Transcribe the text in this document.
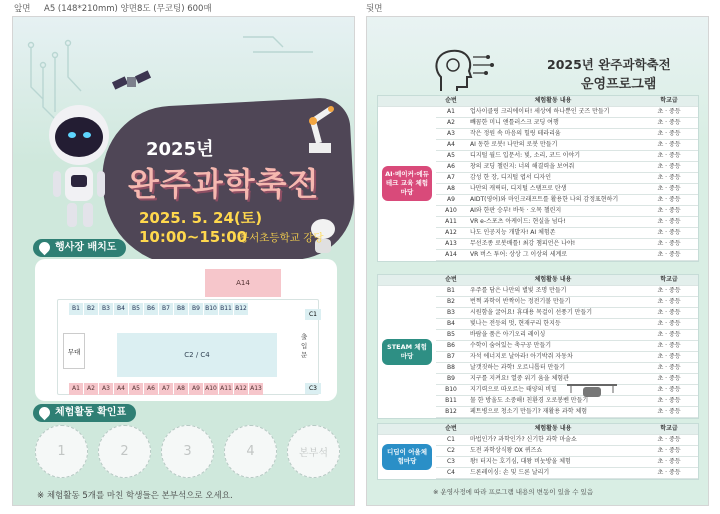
앞면 A5 (148*210mm) 양면8도 (무코팅) 600매	뒷면
2025년
완주과학축전
2025. 5. 24(토) 10:00~15:00
봉서초등학교 강당
행사장 배치도
A14
B1	B2	B3	B4	B5	B6	B7	B8	B9 B10 B11 B12
C1
무대	C2 / C4
출입문
C3
A1	A2	A3	A4	A5	A6	A7	A8	A9 A10 A11 A12 A13
체험활동 확인표
1	2	3	4	본부석
※ 체험활동 5개를 마친 학생들은 본부석으로 오세요.
2025년 완주과학축전
운영프로그램
	순번	체험활동 내용	학교급
AI·메이커·에듀테크 교육 체험마당	A1	업사이클링 크리에이터! 세상에 하나뿐인 굿즈 만들기	초 · 중등
	A2	빼꼼한 미니 앤틀러스크 코딩 여행	초 · 중등
	A3	작은 정원 속 마음의 힐링 테라리움	초 · 중등
	A4	AI 동한 로봇! 나만의 로봇 만들기	초 · 중등
	A5	디지털 월드 입문서: 빛, 소리, 코드 이야기	초 · 중등
	A6	창의 코딩 챌린지: 너의 해결력을 보여줘	초 · 중등
	A7	감성 한 장, 디지털 엽서 디자인	초 · 중등
	A8	나만의 캐릭터, 디지털 스탬프로 탄생	초 · 중등
	A9	AIDT(영어)와 마인크래프트를 활용한 나의 감정표현하기	초 · 중등
	A10	AI와 한판 승부! 바둑 · 오목 챌린지	초 · 중등
	A11	VR e-스포츠 아케이드: 현실을 넘다!	초 · 중등
	A12	나도 인공지능 개발자! AI 체험존	초 · 중등
	A13	무선조종 로봇배틀! 최강 챔피언은 나야!	초 · 중등
	A14	VR 버스 투어: 상상 그 이상의 세계로	초 · 중등
	순번	체험활동 내용	학교급
STEAM 체험마당	B1	우주를 담은 나만의 별빛 조명 만들기	초 · 중등
	B2	번쩍 과학이 반짝이는 정전기볼 만들기	초 · 중등
	B3	시원함을 굴어요! 휴대용 목걸이 선풍기 만들기	초 · 중등
	B4	빛나는 전등의 멋, 현재구리 한지등	초 · 중등
	B5	바람을 품은 아기오리 레이싱	초 · 중등
	B6	수학이 숨어있는 축구공 만들기	초 · 중등
	B7	자석 에너지로 날아라! 아기박쥐 자동차	초 · 중등
	B8	날갯짓하는 과학! 오르니톱터 만들기	초 · 중등
	B9	지구를 지켜요! 열중 위기 움을 체험관	초 · 중등
	B10	지기력으로 따오르는 태양의 비밀	초 · 중등
	B11	물 한 방울도 소중해! 친환경 오로봉벤 만들기	초 · 중등
	B12	페트병으로 청소기 만들기? 재활용 과학 체험	초 · 중등
	순번	체험활동 내용	학교급
디딤이 어울체험마당	C1	마법인가? 과학인가? 신기한 과학 마술쇼	초 · 중등
	C2	도전 과학상식왕 OX 퀴즈쇼	초 · 중등
	C3	왕! 터지는 호기심, 대왕 비눗방울 체험	초 · 중등
	C4	드론레이싱: 손 및 드론 날리기	초 · 중등
※ 운영사정에 따라 프로그램 내용의 변동이 있을 수 있음
